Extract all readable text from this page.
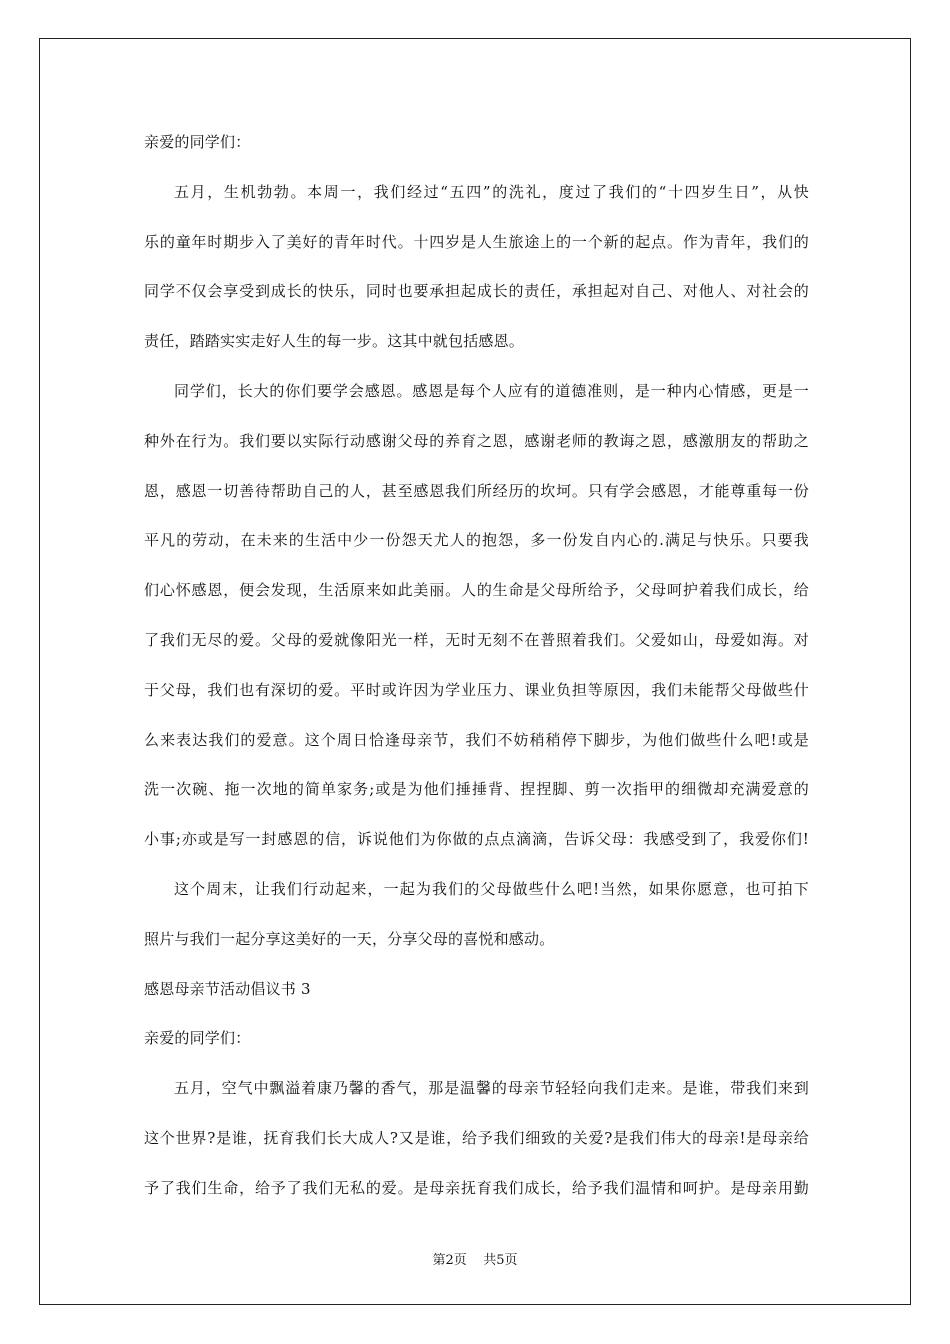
亲爱的同学们：

五月，生机勃勃。本周一，我们经过“五四”的洗礼，度过了我们的“十四岁生日”，从快

乐的童年时期步入了美好的青年时代。十四岁是人生旅途上的一个新的起点。作为青年，我们的

同学不仅会享受到成长的快乐，同时也要承担起成长的责任，承担起对自己、对他人、对社会的

责任，踏踏实实走好人生的每一步。这其中就包括感恩。

同学们，长大的你们要学会感恩。感恩是每个人应有的道德准则，是一种内心情感，更是一

种外在行为。我们要以实际行动感谢父母的养育之恩，感谢老师的教诲之恩，感激朋友的帮助之

恩，感恩一切善待帮助自己的人，甚至感恩我们所经历的坎坷。只有学会感恩，才能尊重每一份

平凡的劳动，在未来的生活中少一份怨天尤人的抱怨，多一份发自内心的.满足与快乐。只要我

们心怀感恩，便会发现，生活原来如此美丽。人的生命是父母所给予，父母呵护着我们成长，给

了我们无尽的爱。父母的爱就像阳光一样，无时无刻不在普照着我们。父爱如山，母爱如海。对

于父母，我们也有深切的爱。平时或许因为学业压力、课业负担等原因，我们未能帮父母做些什

么来表达我们的爱意。这个周日恰逢母亲节，我们不妨稍稍停下脚步，为他们做些什么吧!或是

洗一次碗、拖一次地的简单家务;或是为他们捶捶背、捏捏脚、剪一次指甲的细微却充满爱意的

小事;亦或是写一封感恩的信，诉说他们为你做的点点滴滴，告诉父母：我感受到了，我爱你们!

这个周末，让我们行动起来，一起为我们的父母做些什么吧!当然，如果你愿意，也可拍下

照片与我们一起分享这美好的一天，分享父母的喜悦和感动。

感恩母亲节活动倡议书 3

亲爱的同学们：

五月，空气中飘溢着康乃馨的香气，那是温馨的母亲节轻轻向我们走来。是谁，带我们来到

这个世界?是谁，抚育我们长大成人?又是谁，给予我们细致的关爱?是我们伟大的母亲!是母亲给

予了我们生命，给予了我们无私的爱。是母亲抚育我们成长，给予我们温情和呵护。是母亲用勤

第2页    共5页
